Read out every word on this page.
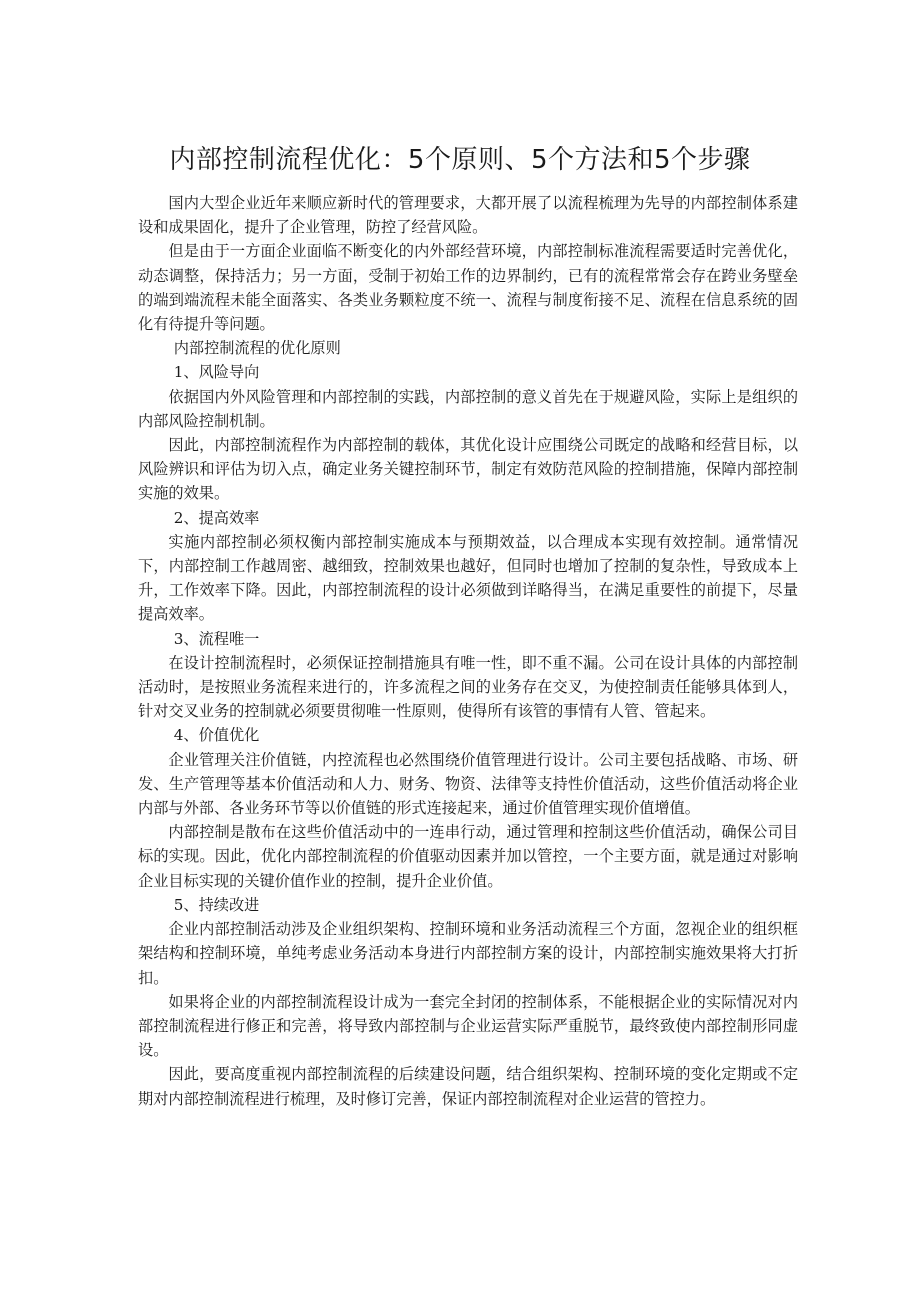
内部控制流程优化：5个原则、5个方法和5个步骤

国内大型企业近年来顺应新时代的管理要求，大都开展了以流程梳理为先导的内部控制体系建设和成果固化，提升了企业管理，防控了经营风险。

但是由于一方面企业面临不断变化的内外部经营环境，内部控制标准流程需要适时完善优化，动态调整，保持活力；另一方面，受制于初始工作的边界制约，已有的流程常常会存在跨业务壁垒的端到端流程未能全面落实、各类业务颗粒度不统一、流程与制度衔接不足、流程在信息系统的固化有待提升等问题。

内部控制流程的优化原则

1、风险导向

依据国内外风险管理和内部控制的实践，内部控制的意义首先在于规避风险，实际上是组织的内部风险控制机制。

因此，内部控制流程作为内部控制的载体，其优化设计应围绕公司既定的战略和经营目标，以风险辨识和评估为切入点，确定业务关键控制环节，制定有效防范风险的控制措施，保障内部控制实施的效果。

2、提高效率

实施内部控制必须权衡内部控制实施成本与预期效益，以合理成本实现有效控制。通常情况下，内部控制工作越周密、越细致，控制效果也越好，但同时也增加了控制的复杂性，导致成本上升，工作效率下降。因此，内部控制流程的设计必须做到详略得当，在满足重要性的前提下，尽量提高效率。

3、流程唯一

在设计控制流程时，必须保证控制措施具有唯一性，即不重不漏。公司在设计具体的内部控制活动时，是按照业务流程来进行的，许多流程之间的业务存在交叉，为使控制责任能够具体到人，针对交叉业务的控制就必须要贯彻唯一性原则，使得所有该管的事情有人管、管起来。

4、价值优化

企业管理关注价值链，内控流程也必然围绕价值管理进行设计。公司主要包括战略、市场、研发、生产管理等基本价值活动和人力、财务、物资、法律等支持性价值活动，这些价值活动将企业内部与外部、各业务环节等以价值链的形式连接起来，通过价值管理实现价值增值。

内部控制是散布在这些价值活动中的一连串行动，通过管理和控制这些价值活动，确保公司目标的实现。因此，优化内部控制流程的价值驱动因素并加以管控，一个主要方面，就是通过对影响企业目标实现的关键价值作业的控制，提升企业价值。

5、持续改进

企业内部控制活动涉及企业组织架构、控制环境和业务活动流程三个方面，忽视企业的组织框架结构和控制环境，单纯考虑业务活动本身进行内部控制方案的设计，内部控制实施效果将大打折扣。

如果将企业的内部控制流程设计成为一套完全封闭的控制体系，不能根据企业的实际情况对内部控制流程进行修正和完善，将导致内部控制与企业运营实际严重脱节，最终致使内部控制形同虚设。

因此，要高度重视内部控制流程的后续建设问题，结合组织架构、控制环境的变化定期或不定期对内部控制流程进行梳理，及时修订完善，保证内部控制流程对企业运营的管控力。
